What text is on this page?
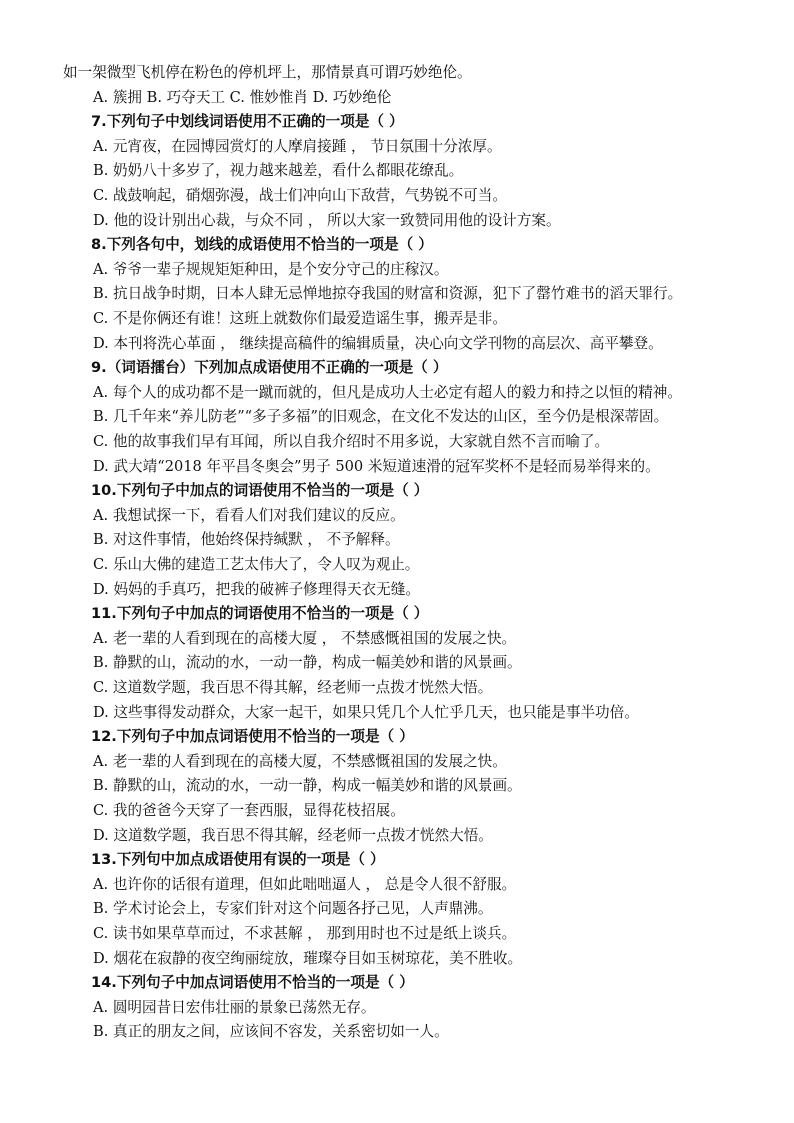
如一架微型飞机停在粉色的停机坪上，那情景真可谓巧妙绝伦。
A. 簇拥 B. 巧夺天工 C. 惟妙惟肖 D. 巧妙绝伦
7.下列句子中划线词语使用不正确的一项是（ ）
A. 元宵夜，在园博园赏灯的人摩肩接踵 ， 节日氛围十分浓厚。
B. 奶奶八十多岁了，视力越来越差，看什么都眼花缭乱。
C. 战鼓响起，硝烟弥漫，战士们冲向山下敌营，气势锐不可当。
D. 他的设计别出心裁，与众不同 ， 所以大家一致赞同用他的设计方案。
8.下列各句中，划线的成语使用不恰当的一项是（ ）
A. 爷爷一辈子规规矩矩种田，是个安分守己的庄稼汉。
B. 抗日战争时期，日本人肆无忌惮地掠夺我国的财富和资源，犯下了罄竹难书的滔天罪行。
C. 不是你俩还有谁！这班上就数你们最爱造谣生事，搬弄是非。
D. 本刊将洗心革面 ， 继续提高稿件的编辑质量，决心向文学刊物的高层次、高平攀登。
9.（词语擂台）下列加点成语使用不正确的一项是（ ）
A. 每个人的成功都不是一蹴而就的，但凡是成功人士必定有超人的毅力和持之以恒的精神。
B. 几千年来“养儿防老”“多子多福”的旧观念，在文化不发达的山区，至今仍是根深蒂固。
C. 他的故事我们早有耳闻，所以自我介绍时不用多说，大家就自然不言而喻了。
D. 武大靖“2018 年平昌冬奥会”男子 500 米短道速滑的冠军奖杯不是轻而易举得来的。
10.下列句子中加点的词语使用不恰当的一项是（ ）
A. 我想试探一下，看看人们对我们建议的反应。
B. 对这件事情，他始终保持缄默 ， 不予解释。
C. 乐山大佛的建造工艺太伟大了，令人叹为观止。
D. 妈妈的手真巧，把我的破裤子修理得天衣无缝。
11.下列句子中加点的词语使用不恰当的一项是（ ）
A. 老一辈的人看到现在的高楼大厦 ， 不禁感慨祖国的发展之快。
B. 静默的山，流动的水，一动一静，构成一幅美妙和谐的风景画。
C. 这道数学题，我百思不得其解，经老师一点拨才恍然大悟。
D. 这些事得发动群众，大家一起干，如果只凭几个人忙乎几天，也只能是事半功倍。
12.下列句子中加点词语使用不恰当的一项是（ ）
A. 老一辈的人看到现在的高楼大厦，不禁感慨祖国的发展之快。
B. 静默的山，流动的水，一动一静，构成一幅美妙和谐的风景画。
C. 我的爸爸今天穿了一套西服，显得花枝招展。
D. 这道数学题，我百思不得其解，经老师一点拨才恍然大悟。
13.下列句中加点成语使用有误的一项是（ ）
A. 也许你的话很有道理，但如此咄咄逼人 ， 总是令人很不舒服。
B. 学术讨论会上，专家们针对这个问题各抒己见，人声鼎沸。
C. 读书如果草草而过，不求甚解 ， 那到用时也不过是纸上谈兵。
D. 烟花在寂静的夜空绚丽绽放，璀璨夺目如玉树琼花，美不胜收。
14.下列句子中加点词语使用不恰当的一项是（ ）
A. 圆明园昔日宏伟壮丽的景象已荡然无存。
B. 真正的朋友之间，应该间不容发，关系密切如一人。
